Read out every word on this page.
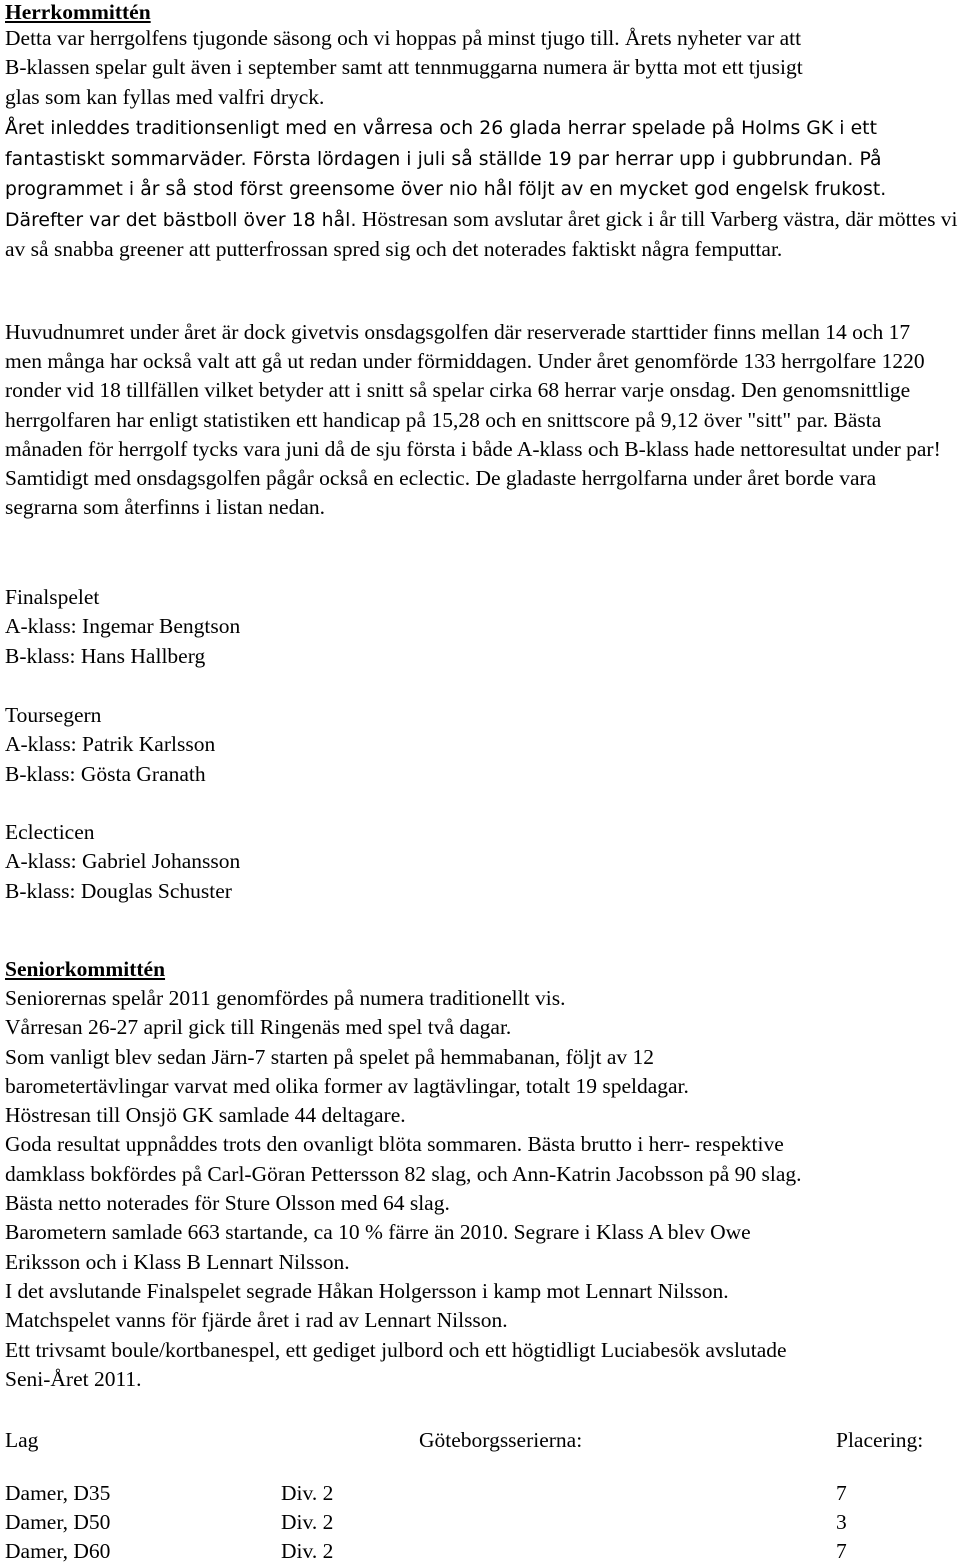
Herrkommittén
Detta var herrgolfens tjugonde säsong och vi hoppas på minst tjugo till. Årets nyheter var att
B-klassen spelar gult även i september samt att tennmuggarna numera är bytta mot ett tjusigt
glas som kan fyllas med valfri dryck.

Året inleddes traditionsenligt med en vårresa och 26 glada herrar spelade på Holms GK i ett fantastiskt sommarväder. Första lördagen i juli så ställde 19 par herrar upp i gubbrundan. På programmet i år så stod först greensome över nio hål följt av en mycket god engelsk frukost. Därefter var det bästboll över 18 hål. Höstresan som avslutar året gick i år till Varberg västra, där möttes vi av så snabba greener att putterfrossan spred sig och det noterades faktiskt några femputtar.

Huvudnumret under året är dock givetvis onsdagsgolfen där reserverade starttider finns mellan 14 och 17 men många har också valt att gå ut redan under förmiddagen. Under året genomförde 133 herrgolfare 1220 ronder vid 18 tillfällen vilket betyder att i snitt så spelar cirka 68 herrar varje onsdag. Den genomsnittlige herrgolfaren har enligt statistiken ett handicap på 15,28 och en snittscore på 9,12 över "sitt" par. Bästa månaden för herrgolf tycks vara juni då de sju första i både A-klass och B-klass hade nettoresultat under par! Samtidigt med onsdagsgolfen pågår också en eclectic. De gladaste herrgolfarna under året borde vara segrarna som återfinns i listan nedan.

Finalspelet
A-klass: Ingemar Bengtson
B-klass: Hans Hallberg
Toursegern
A-klass: Patrik Karlsson
B-klass: Gösta Granath
Eclecticen
A-klass: Gabriel Johansson
B-klass: Douglas Schuster
Seniorkommittén
Seniorernas spelår 2011 genomfördes på numera traditionellt vis.
Vårresan 26-27 april gick till Ringenäs med spel två dagar.
Som vanligt blev sedan Järn-7 starten på spelet på hemmabanan, följt av 12
barometertävlingar varvat med olika former av lagtävlingar, totalt 19 speldagar.
Höstresan till Onsjö GK samlade 44 deltagare.
Goda resultat uppnåddes trots den ovanligt blöta sommaren. Bästa brutto i herr- respektive
damklass bokfördes på Carl-Göran Pettersson 82 slag, och Ann-Katrin Jacobsson på 90 slag.
Bästa netto noterades för Sture Olsson med 64 slag.
Barometern samlade 663 startande, ca 10 % färre än 2010. Segrare i Klass A blev Owe
Eriksson och i Klass B Lennart Nilsson.
I det avslutande Finalspelet segrade Håkan Holgersson i kamp mot Lennart Nilsson.
Matchspelet vanns för fjärde året i rad av Lennart Nilsson.
Ett trivsamt boule/kortbanespel, ett gediget julbord och ett högtidligt Luciabesök avslutade
Seni-Året 2011.
Lag	Göteborgsserierna:	Placering:
Damer, D35	Div. 2	7
Damer, D50	Div. 2	3
Damer, D60	Div. 2	7
